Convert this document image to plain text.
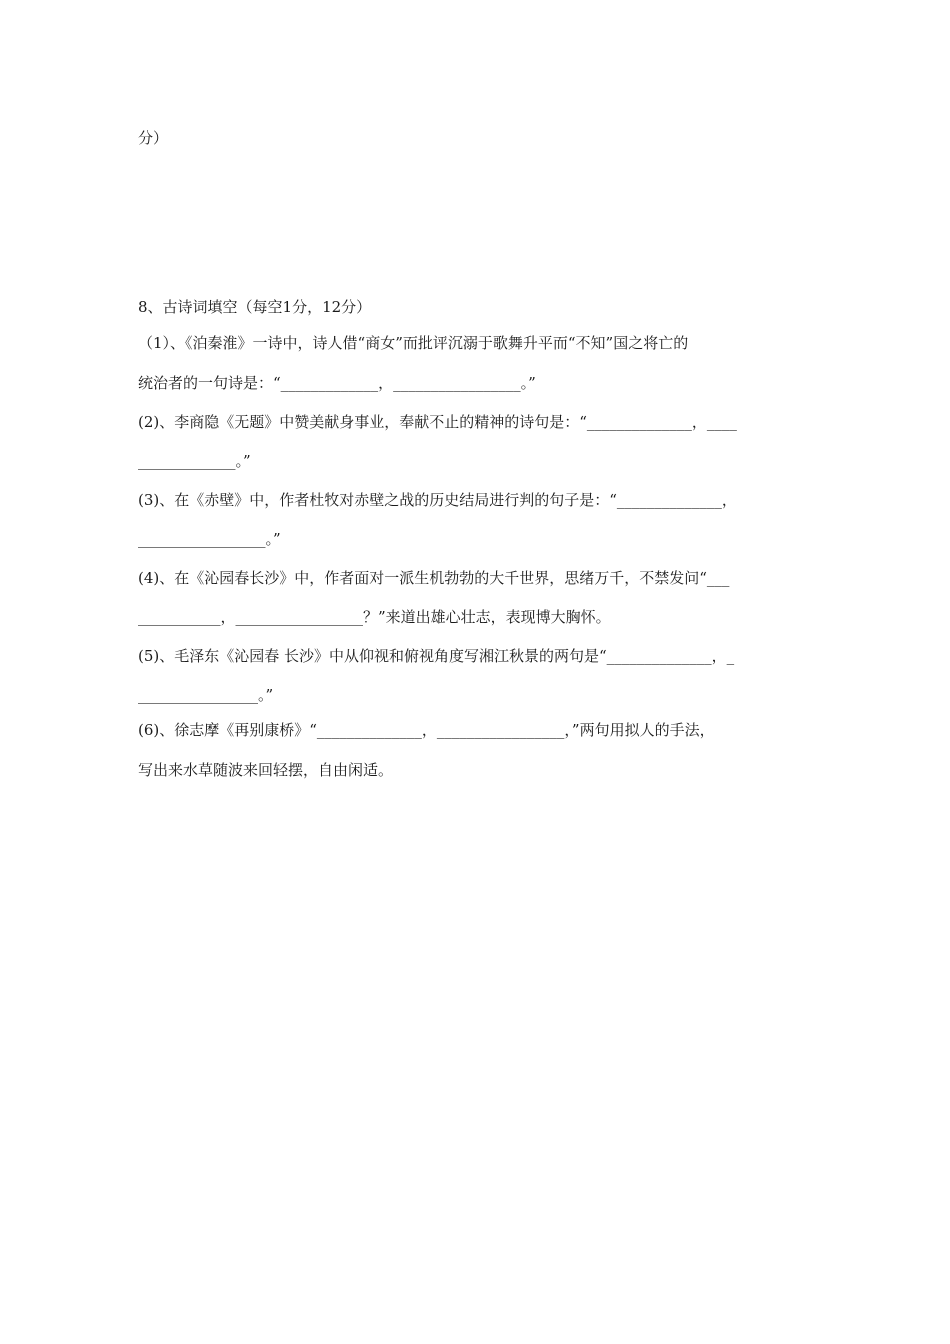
分）
8、古诗词填空（每空1分，12分）
（1）、《泊秦淮》一诗中，诗人借“商女”而批评沉溺于歌舞升平而“不知”国之将亡的
统治者的一句诗是：“_____________，_________________。”
(2)、李商隐《无题》中赞美献身事业，奉献不止的精神的诗句是：“______________，____
_____________。”
(3)、在《赤壁》中，作者杜牧对赤壁之战的历史结局进行判的句子是：“______________，
_________________。”
(4)、在《沁园春长沙》中，作者面对一派生机勃勃的大千世界，思绪万千，不禁发问“___
___________，_________________？”来道出雄心壮志，表现博大胸怀。
(5)、毛泽东《沁园春 长沙》中从仰视和俯视角度写湘江秋景的两句是“______________，_
________________。”
(6)、徐志摩《再别康桥》“______________，_________________，”两句用拟人的手法，
写出来水草随波来回轻摆，自由闲适。
